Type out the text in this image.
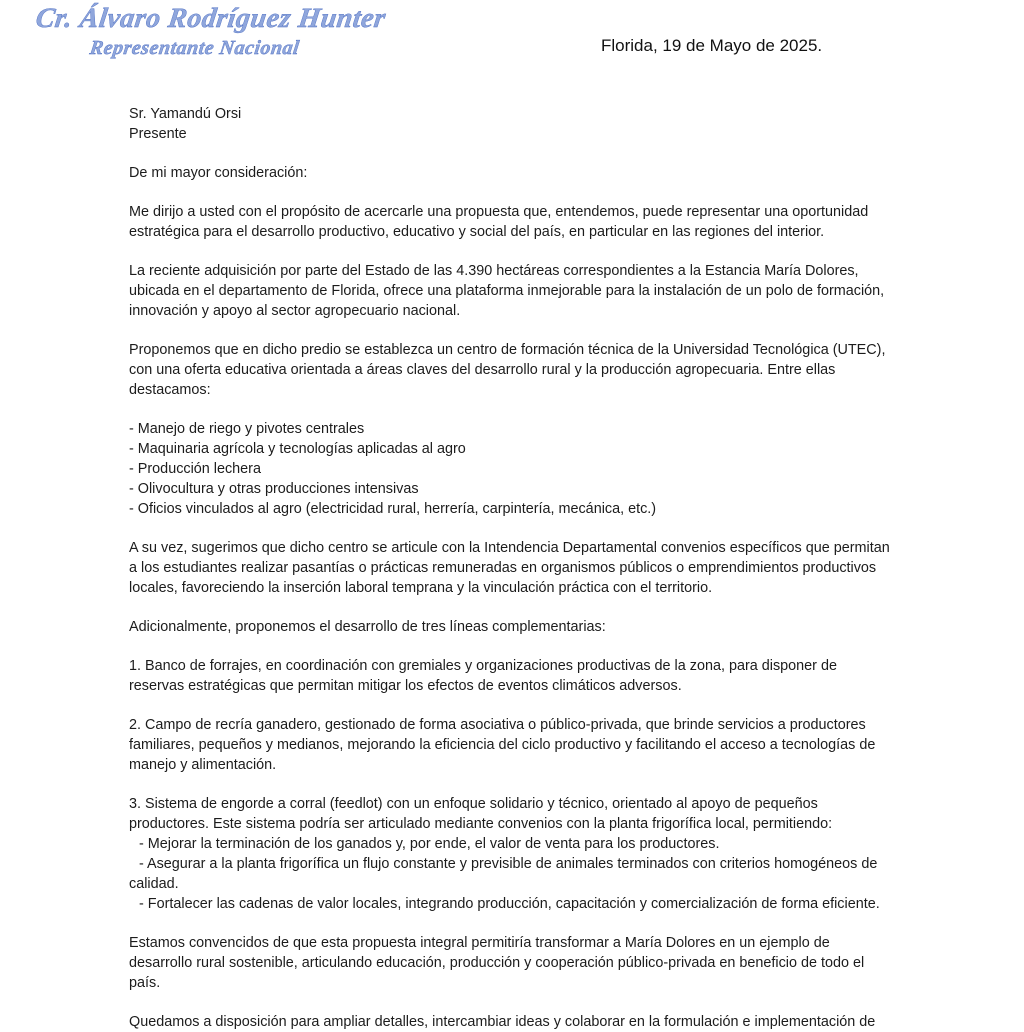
Cr. Álvaro Rodríguez Hunter
Representante Nacional	Florida, 19 de Mayo de 2025.
Sr. Yamandú Orsi
Presente
De mi mayor consideración:
Me dirijo a usted con el propósito de acercarle una propuesta que, entendemos, puede representar una oportunidad
estratégica para el desarrollo productivo, educativo y social del país, en particular en las regiones del interior.
La reciente adquisición por parte del Estado de las 4.390 hectáreas correspondientes a la Estancia María Dolores,
ubicada en el departamento de Florida, ofrece una plataforma inmejorable para la instalación de un polo de formación,
innovación y apoyo al sector agropecuario nacional.
Proponemos que en dicho predio se establezca un centro de formación técnica de la Universidad Tecnológica (UTEC),
con una oferta educativa orientada a áreas claves del desarrollo rural y la producción agropecuaria. Entre ellas
destacamos:
- Manejo de riego y pivotes centrales
- Maquinaria agrícola y tecnologías aplicadas al agro
- Producción lechera
- Olivocultura y otras producciones intensivas
- Oficios vinculados al agro (electricidad rural, herrería, carpintería, mecánica, etc.)
A su vez, sugerimos que dicho centro se articule con la Intendencia Departamental convenios específicos que permitan
a los estudiantes realizar pasantías o prácticas remuneradas en organismos públicos o emprendimientos productivos
locales, favoreciendo la inserción laboral temprana y la vinculación práctica con el territorio.
Adicionalmente, proponemos el desarrollo de tres líneas complementarias:
1. Banco de forrajes, en coordinación con gremiales y organizaciones productivas de la zona, para disponer de
reservas estratégicas que permitan mitigar los efectos de eventos climáticos adversos.
2. Campo de recría ganadero, gestionado de forma asociativa o público-privada, que brinde servicios a productores
familiares, pequeños y medianos, mejorando la eficiencia del ciclo productivo y facilitando el acceso a tecnologías de
manejo y alimentación.
3. Sistema de engorde a corral (feedlot) con un enfoque solidario y técnico, orientado al apoyo de pequeños
productores. Este sistema podría ser articulado mediante convenios con la planta frigorífica local, permitiendo:
- Mejorar la terminación de los ganados y, por ende, el valor de venta para los productores.
- Asegurar a la planta frigorífica un flujo constante y previsible de animales terminados con criterios homogéneos de
calidad.
- Fortalecer las cadenas de valor locales, integrando producción, capacitación y comercialización de forma eficiente.
Estamos convencidos de que esta propuesta integral permitiría transformar a María Dolores en un ejemplo de
desarrollo rural sostenible, articulando educación, producción y cooperación público-privada en beneficio de todo el
país.
Quedamos a disposición para ampliar detalles, intercambiar ideas y colaborar en la formulación e implementación de
